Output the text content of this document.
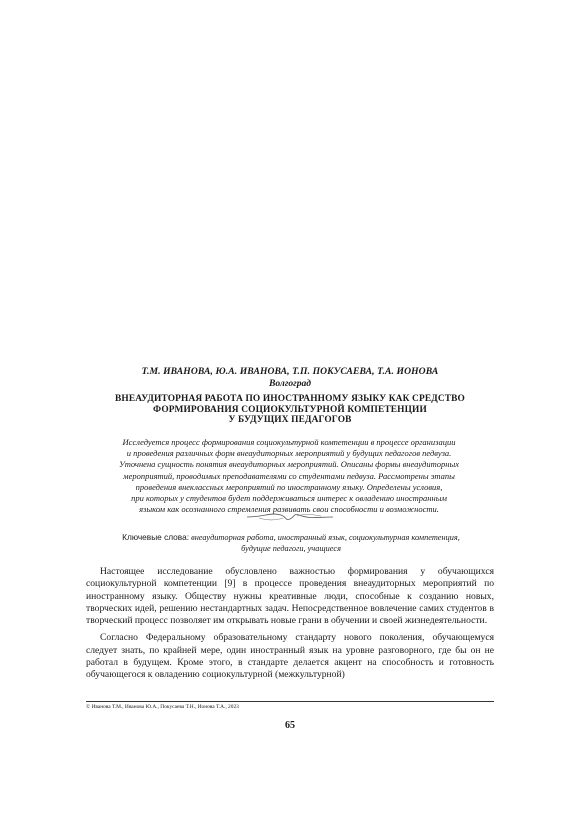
Т.М. ИВАНОВА, Ю.А. ИВАНОВА, Т.П. ПОКУСАЕВА, Т.А. ИОНОВА
Волгоград
ВНЕАУДИТОРНАЯ РАБОТА ПО ИНОСТРАННОМУ ЯЗЫКУ КАК СРЕДСТВО
ФОРМИРОВАНИЯ СОЦИОКУЛЬТУРНОЙ КОМПЕТЕНЦИИ
У БУДУЩИХ ПЕДАГОГОВ
Исследуется процесс формирования социокультурной компетенции в процессе организации
и проведения различных форм внеаудиторных мероприятий у будущих педагогов педвуза.
Уточнена сущность понятия внеаудиторных мероприятий. Описаны формы внеаудиторных
мероприятий, проводимых преподавателями со студентами педвуза. Рассмотрены этапы
проведения внеклассных мероприятий по иностранному языку. Определены условия,
при которых у студентов будет поддерживаться интерес к овладению иностранным
языком как осознанного стремления развивать свои способности и возможности.
Ключевые слова: внеаудиторная работа, иностранный язык, социокультурная компетенция,
будущие педагоги, учащиеся

Настоящее исследование обусловлено важностью формирования у обучающихся социокультурной компетенции [9] в процессе проведения внеаудиторных мероприятий по иностранному языку. Обществу нужны креативные люди, способные к созданию новых, творческих идей, решению нестандартных задач. Непосредственное вовлечение самих студентов в творческий процесс позволяет им открывать новые грани в обучении и своей жизнедеятельности.

Согласно Федеральному образовательному стандарту нового поколения, обучающемуся следует знать, по крайней мере, один иностранный язык на уровне разговорного, где бы он не работал в будущем. Кроме этого, в стандарте делается акцент на способность и готовность обучающегося к овладению социокультурной (межкультурной)

© Иванова Т.М., Иванова Ю.А., Покусаева Т.Н., Ионова Т.А., 2023
65
